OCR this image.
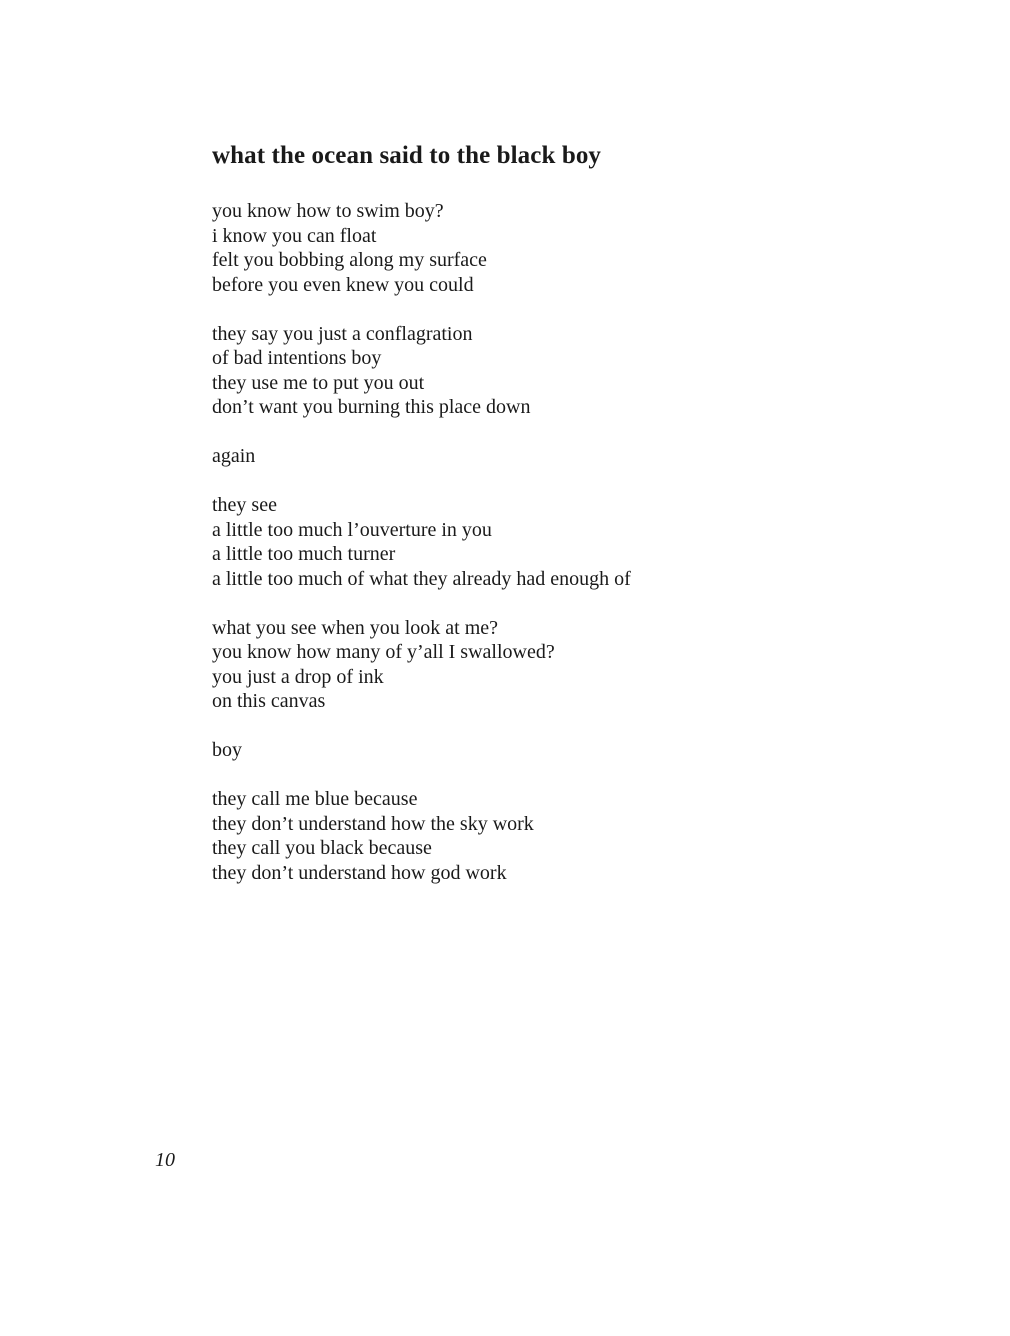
what the ocean said to the black boy
you know how to swim boy?
i know you can float
felt you bobbing along my surface
before you even knew you could
they say you just a conflagration
of bad intentions boy
they use me to put you out
don’t want you burning this place down
again
they see
a little too much l’ouverture in you
a little too much turner
a little too much of what they already had enough of
what you see when you look at me?
you know how many of y’all I swallowed?
you just a drop of ink
on this canvas
boy
they call me blue because
they don’t understand how the sky work
they call you black because
they don’t understand how god work
10
